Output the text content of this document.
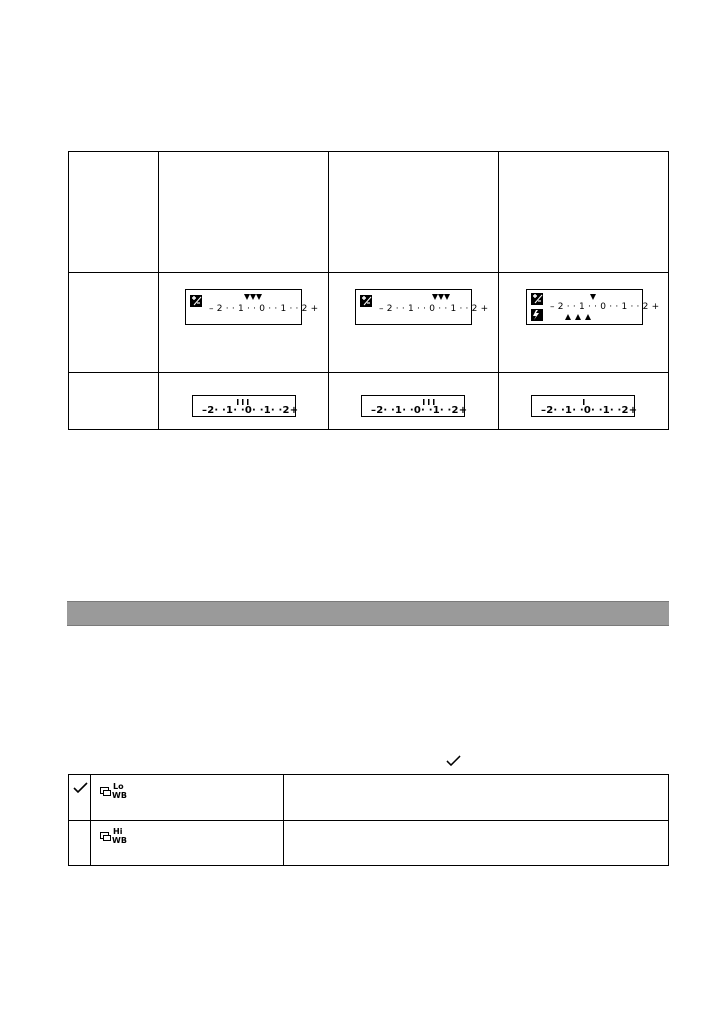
– 2 · · 1 · · 0 · · 1 · · 2 +	– 2 · · 1 · · 0 · · 1 · · 2 +	– 2 · · 1 · · 0 · · 1 · · 2 +
–2· ·1· ·0· ·1· ·2+	–2· ·1· ·0· ·1· ·2+	–2· ·1· ·0· ·1· ·2+
Lo
WB
Hi
WB
